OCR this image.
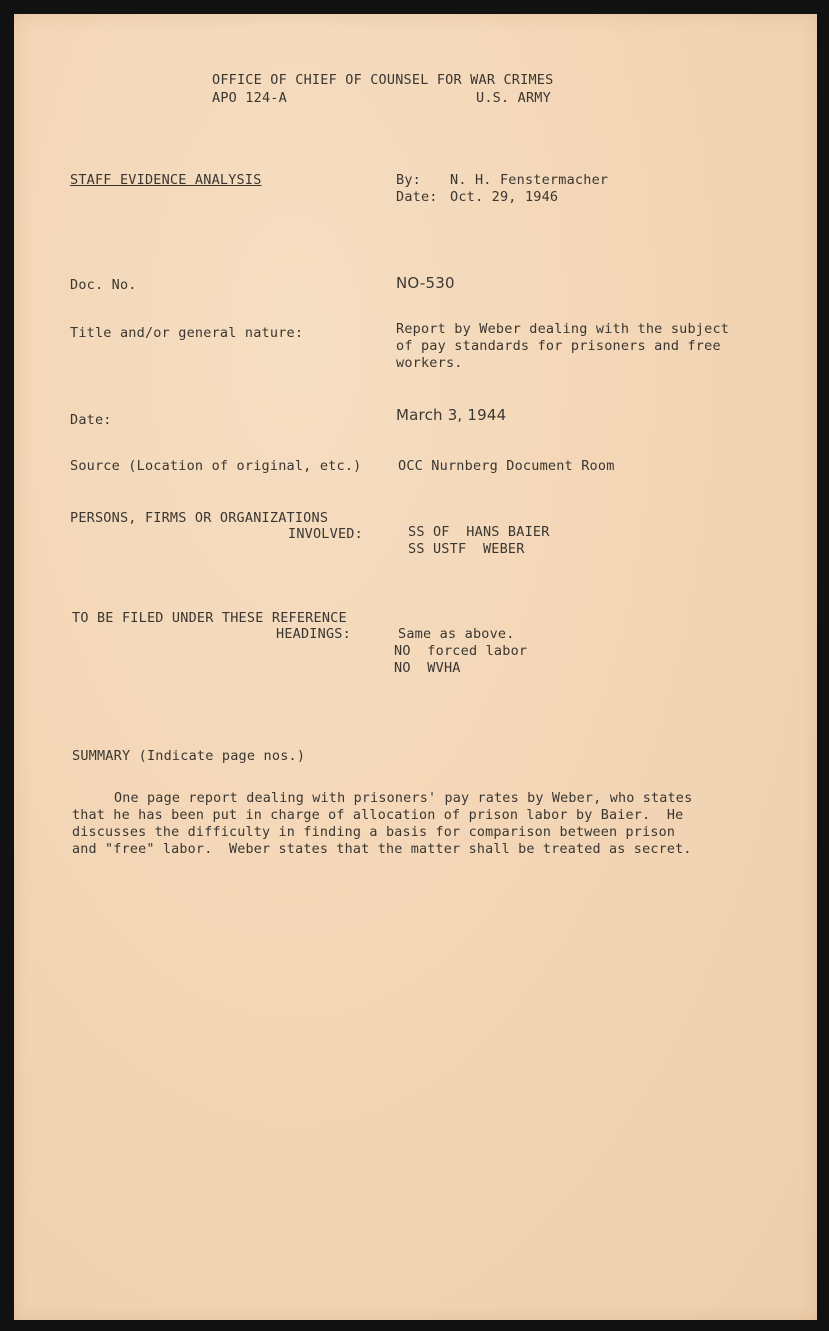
OFFICE OF CHIEF OF COUNSEL FOR WAR CRIMES
APO 124-A	U.S. ARMY
STAFF EVIDENCE ANALYSIS	By: N. H. Fenstermacher
Date: Oct. 29, 1946
Doc. No.	NO-530
Title and/or general nature:	Report by Weber dealing with the subject
of pay standards for prisoners and free
workers.
Date:	March 3, 1944
Source (Location of original, etc.)	OCC Nurnberg Document Room
PERSONS, FIRMS OR ORGANIZATIONS
INVOLVED:	SS OF  HANS BAIER
SS USTF  WEBER
TO BE FILED UNDER THESE REFERENCE
HEADINGS:	Same as above.
NO  forced labor
NO  WVHA
SUMMARY (Indicate page nos.)
One page report dealing with prisoners' pay rates by Weber, who states
that he has been put in charge of allocation of prison labor by Baier.  He
discusses the difficulty in finding a basis for comparison between prison
and "free" labor.  Weber states that the matter shall be treated as secret.
